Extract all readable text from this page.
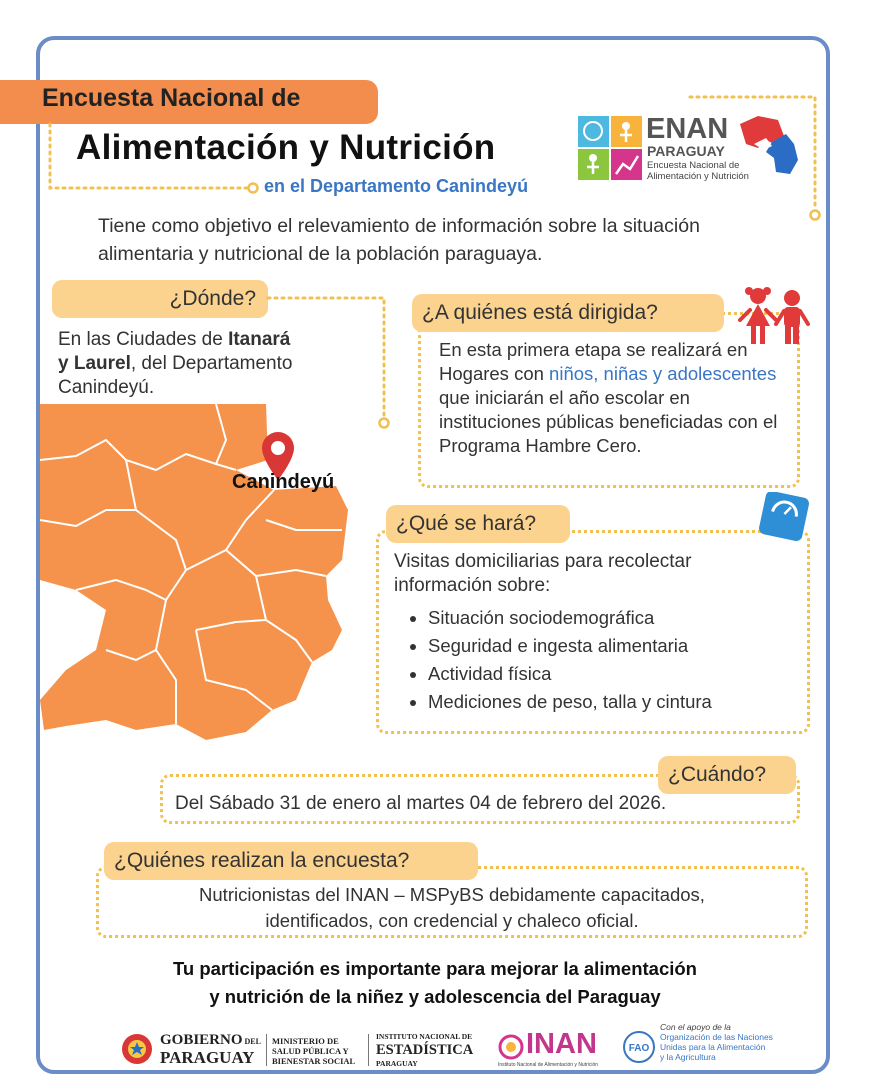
Encuesta Nacional de
Alimentación y Nutrición
en el Departamento Canindeyú
ENAN
PARAGUAY
Encuesta Nacional de
Alimentación y Nutrición
Tiene como objetivo el relevamiento de información sobre la situación alimentaria y nutricional de la población paraguaya.
¿Dónde?
En las Ciudades de Itanará
y Laurel, del Departamento Canindeyú.
Canindeyú
¿A quiénes está dirigida?
En esta primera etapa se realizará en Hogares con niños, niñas y adolescentes que iniciarán el año escolar en instituciones públicas beneficiadas con el Programa Hambre Cero.
¿Qué se hará?
Visitas domiciliarias para recolectar información sobre:
• Situación sociodemográfica
• Seguridad e ingesta alimentaria
• Actividad física
• Mediciones de peso, talla y cintura
¿Cuándo?
Del Sábado 31 de enero al martes 04 de febrero del 2026.
¿Quiénes realizan la encuesta?
Nutricionistas del INAN – MSPyBS debidamente capacitados,
identificados, con credencial y chaleco oficial.
Tu participación es importante para mejorar la alimentación
y nutrición de la niñez y adolescencia del Paraguay
GOBIERNO DEL
PARAGUAY
MINISTERIO DE
SALUD PÚBLICA Y
BIENESTAR SOCIAL
INSTITUTO NACIONAL DE
ESTADÍSTICA
PARAGUAY
INAN
Instituto Nacional de Alimentación y Nutrición
FAO
Con el apoyo de la
Organización de las Naciones
Unidas para la Alimentación
y la Agricultura
